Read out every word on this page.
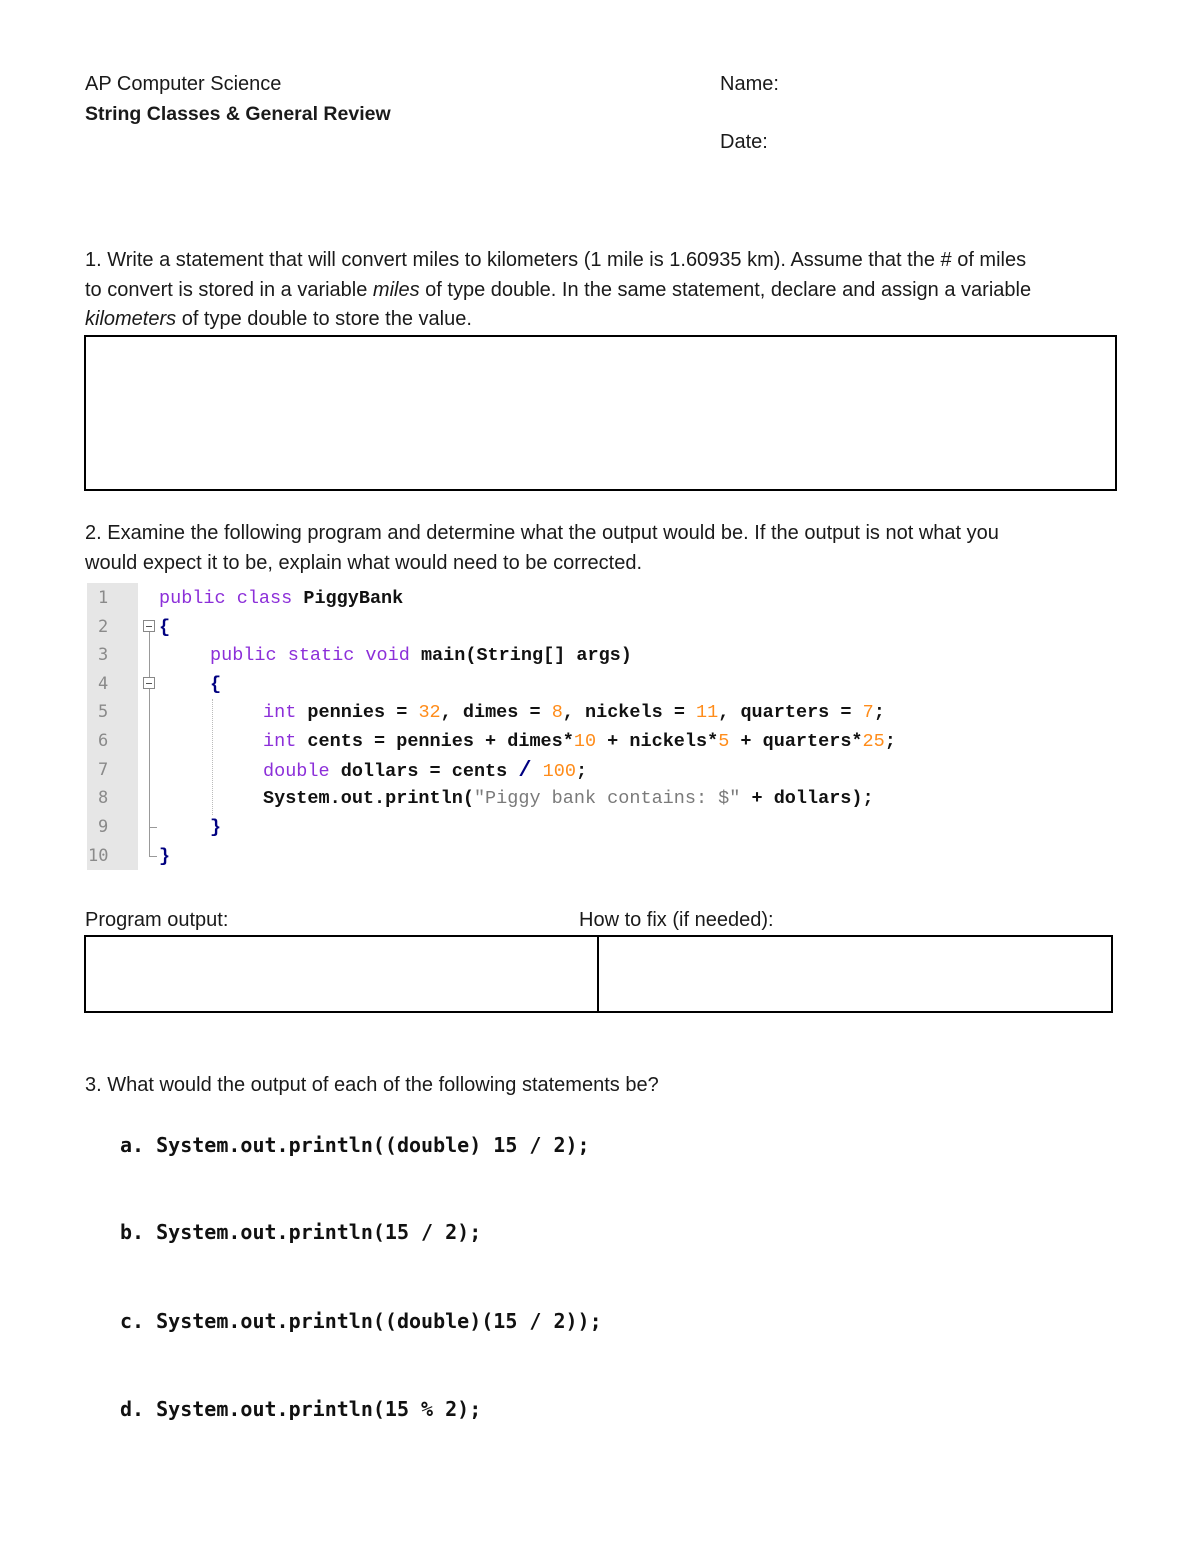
AP Computer Science
String Classes & General Review
Name:
Date:
1. Write a statement that will convert miles to kilometers (1 mile is 1.60935 km). Assume that the # of miles
to convert is stored in a variable miles of type double. In the same statement, declare and assign a variable
kilometers of type double to store the value.
2. Examine the following program and determine what the output would be. If the output is not what you
would expect it to be, explain what would need to be corrected.
1
2
3
4
5
6
7
8
9
10
public class PiggyBank
{
public static void main(String[] args)
{
int pennies = 32, dimes = 8, nickels = 11, quarters = 7;
int cents = pennies + dimes*10 + nickels*5 + quarters*25;
double dollars = cents / 100;
System.out.println("Piggy bank contains: $" + dollars);
}
}
Program output:	How to fix (if needed):
3. What would the output of each of the following statements be?
a. System.out.println((double) 15 / 2);
b. System.out.println(15 / 2);
c. System.out.println((double)(15 / 2));
d. System.out.println(15 % 2);
